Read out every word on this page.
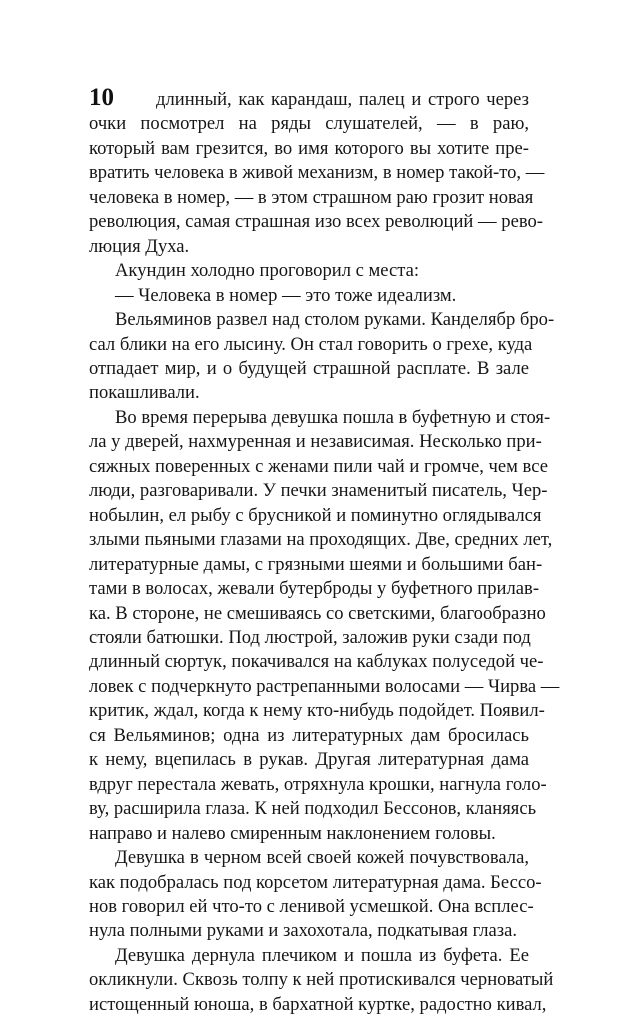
10	длинный, как карандаш, палец и строго через
очки посмотрел на ряды слушателей, — в раю,
который вам грезится, во имя которого вы хотите пре-
вратить человека в живой механизм, в номер такой-то, —
человека в номер, — в этом страшном раю грозит новая
революция, самая страшная изо всех революций — рево-
люция Духа.

Акундин холодно проговорил с места:

— Человека в номер — это тоже идеализм.

Вельяминов развел над столом руками. Канделябр бро-
сал блики на его лысину. Он стал говорить о грехе, куда
отпадает мир, и о будущей страшной расплате. В зале
покашливали.

Во время перерыва девушка пошла в буфетную и стоя-
ла у дверей, нахмуренная и независимая. Несколько при-
сяжных поверенных с женами пили чай и громче, чем все
люди, разговаривали. У печки знаменитый писатель, Чер-
нобылин, ел рыбу с брусникой и поминутно оглядывался
злыми пьяными глазами на проходящих. Две, средних лет,
литературные дамы, с грязными шеями и большими бан-
тами в волосах, жевали бутерброды у буфетного прилав-
ка. В стороне, не смешиваясь со светскими, благообразно
стояли батюшки. Под люстрой, заложив руки сзади под
длинный сюртук, покачивался на каблуках полуседой че-
ловек с подчеркнуто растрепанными волосами — Чирва —
критик, ждал, когда к нему кто-нибудь подойдет. Появил-
ся Вельяминов; одна из литературных дам бросилась
к нему, вцепилась в рукав. Другая литературная дама
вдруг перестала жевать, отряхнула крошки, нагнула голо-
ву, расширила глаза. К ней подходил Бессонов, кланяясь
направо и налево смиренным наклонением головы.

Девушка в черном всей своей кожей почувствовала,
как подобралась под корсетом литературная дама. Бессо-
нов говорил ей что-то с ленивой усмешкой. Она всплес-
нула полными руками и захохотала, подкатывая глаза.

Девушка дернула плечиком и пошла из буфета. Ее
окликнули. Сквозь толпу к ней протискивался черноватый
истощенный юноша, в бархатной куртке, радостно кивал,
